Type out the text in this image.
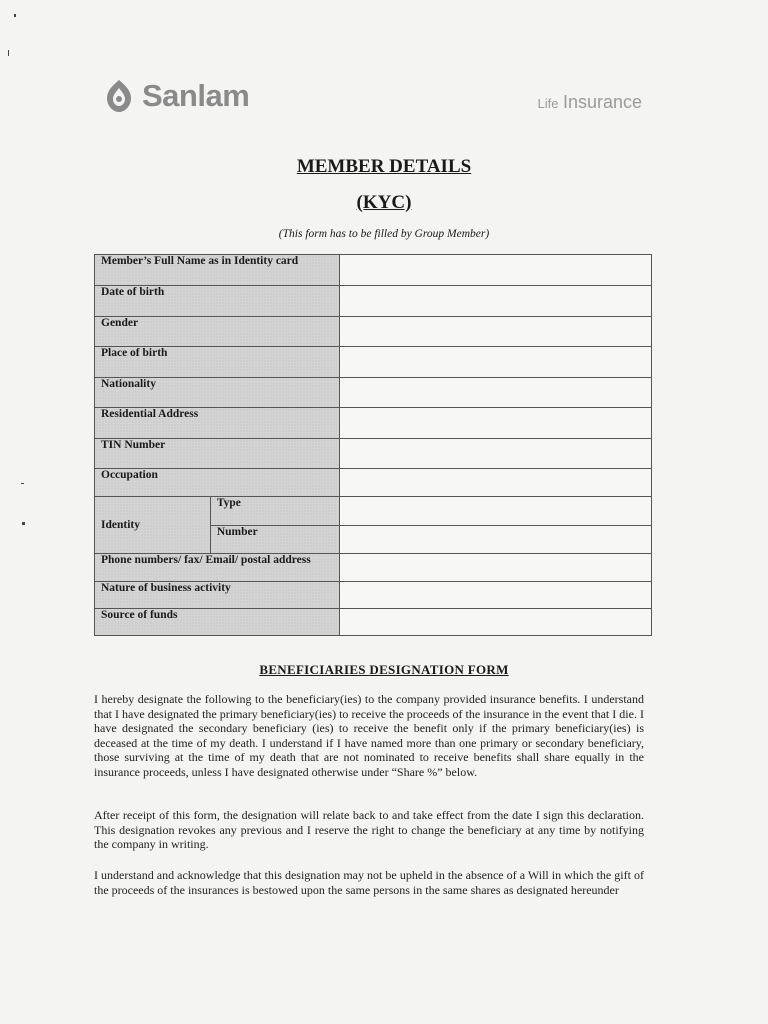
Sanlam	Life Insurance
MEMBER DETAILS
(KYC)
(This form has to be filled by Group Member)
Member’s Full Name as in Identity card		
Date of birth		
Gender		
Place of birth		
Nationality		
Residential Address		
TIN Number		
Occupation		
Identity	Type	
	Number	
Phone numbers/ fax/ Email/ postal address		
Nature of business activity		
Source of funds		
BENEFICIARIES DESIGNATION FORM

I hereby designate the following to the beneficiary(ies) to the company provided insurance benefits. I understand that I have designated the primary beneficiary(ies) to receive the proceeds of the insurance in the event that I die. I have designated the secondary beneficiary (ies) to receive the benefit only if the primary beneficiary(ies) is deceased at the time of my death. I understand if I have named more than one primary or secondary beneficiary, those surviving at the time of my death that are not nominated to receive benefits shall share equally in the insurance proceeds, unless I have designated otherwise under “Share %” below.

After receipt of this form, the designation will relate back to and take effect from the date I sign this declaration. This designation revokes any previous and I reserve the right to change the beneficiary at any time by notifying the company in writing.

I understand and acknowledge that this designation may not be upheld in the absence of a Will in which the gift of the proceeds of the insurances is bestowed upon the same persons in the same shares as designated hereunder
